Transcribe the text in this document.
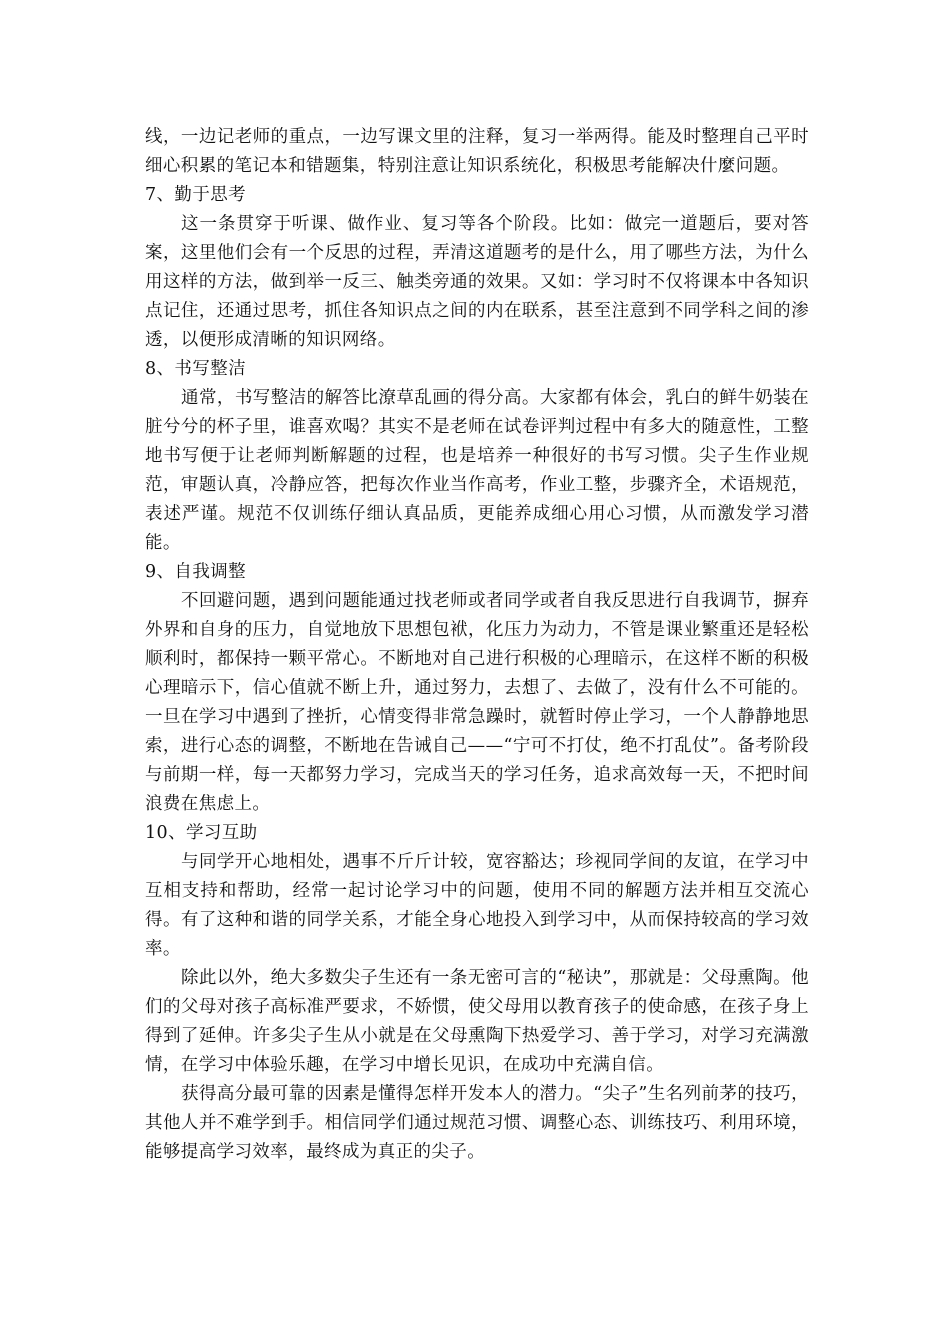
线，一边记老师的重点，一边写课文里的注释，复习一举两得。能及时整理自己平时细心积累的笔记本和错题集，特别注意让知识系统化，积极思考能解决什麼问题。

7、勤于思考

这一条贯穿于听课、做作业、复习等各个阶段。比如：做完一道题后，要对答案，这里他们会有一个反思的过程，弄清这道题考的是什么，用了哪些方法，为什么用这样的方法，做到举一反三、触类旁通的效果。又如：学习时不仅将课本中各知识点记住，还通过思考，抓住各知识点之间的内在联系，甚至注意到不同学科之间的渗透，以便形成清晰的知识网络。

8、书写整洁

通常，书写整洁的解答比潦草乱画的得分高。大家都有体会，乳白的鲜牛奶装在脏兮兮的杯子里，谁喜欢喝？其实不是老师在试卷评判过程中有多大的随意性，工整地书写便于让老师判断解题的过程，也是培养一种很好的书写习惯。尖子生作业规范，审题认真，冷静应答，把每次作业当作高考，作业工整，步骤齐全，术语规范，表述严谨。规范不仅训练仔细认真品质，更能养成细心用心习惯，从而激发学习潜能。

9、自我调整

不回避问题，遇到问题能通过找老师或者同学或者自我反思进行自我调节，摒弃外界和自身的压力，自觉地放下思想包袱，化压力为动力，不管是课业繁重还是轻松顺利时，都保持一颗平常心。不断地对自己进行积极的心理暗示，在这样不断的积极心理暗示下，信心值就不断上升，通过努力，去想了、去做了，没有什么不可能的。一旦在学习中遇到了挫折，心情变得非常急躁时，就暂时停止学习，一个人静静地思索，进行心态的调整，不断地在告诫自己——“宁可不打仗，绝不打乱仗”。备考阶段与前期一样，每一天都努力学习，完成当天的学习任务，追求高效每一天，不把时间浪费在焦虑上。

10、学习互助

与同学开心地相处，遇事不斤斤计较，宽容豁达；珍视同学间的友谊，在学习中互相支持和帮助，经常一起讨论学习中的问题，使用不同的解题方法并相互交流心得。有了这种和谐的同学关系，才能全身心地投入到学习中，从而保持较高的学习效率。

除此以外，绝大多数尖子生还有一条无密可言的“秘诀”，那就是：父母熏陶。他们的父母对孩子高标准严要求，不娇惯，使父母用以教育孩子的使命感，在孩子身上得到了延伸。许多尖子生从小就是在父母熏陶下热爱学习、善于学习，对学习充满激情，在学习中体验乐趣，在学习中增长见识，在成功中充满自信。

获得高分最可靠的因素是懂得怎样开发本人的潜力。“尖子”生名列前茅的技巧，其他人并不难学到手。相信同学们通过规范习惯、调整心态、训练技巧、利用环境，能够提高学习效率，最终成为真正的尖子。
